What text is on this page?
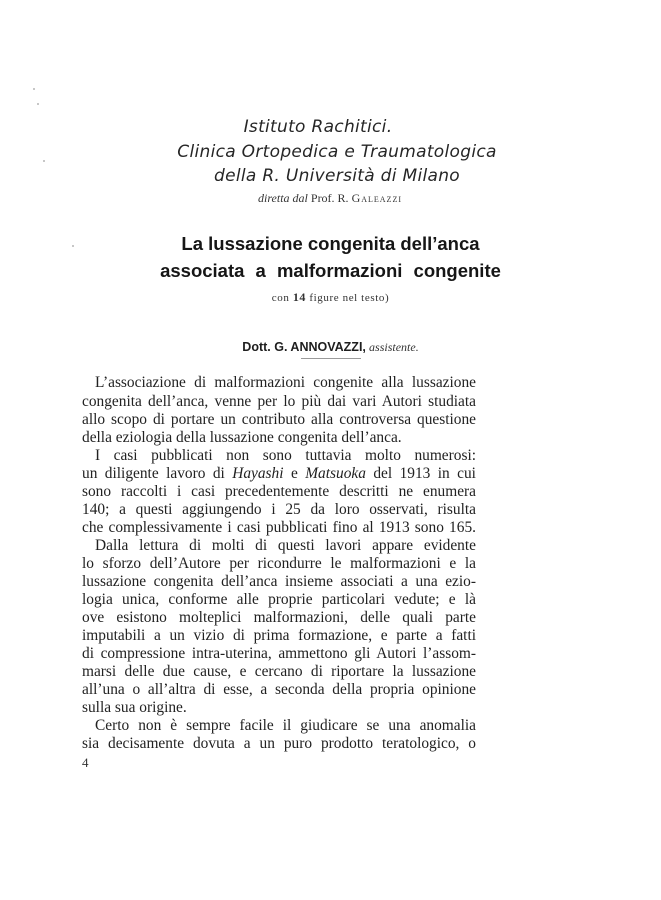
Istituto Rachitici.
Clinica Ortopedica e Traumatologica
della R. Università di Milano
diretta dal Prof. R. Galeazzi
La lussazione congenita dell’anca
associata a malformazioni congenite
con 14 figure nel testo)
Dott. G. ANNOVAZZI, assistente.
L’associazione di malformazioni congenite alla lussazione
congenita dell’anca, venne per lo più dai vari Autori studiata
allo scopo di portare un contributo alla controversa questione
della eziologia della lussazione congenita dell’anca.
I casi pubblicati non sono tuttavia molto numerosi:
un diligente lavoro di Hayashi e Matsuoka del 1913 in cui
sono raccolti i casi precedentemente descritti ne enumera
140; a questi aggiungendo i 25 da loro osservati, risulta
che complessivamente i casi pubblicati fino al 1913 sono 165.
Dalla lettura di molti di questi lavori appare evidente
lo sforzo dell’Autore per ricondurre le malformazioni e la
lussazione congenita dell’anca insieme associati a una ezio-
logia unica, conforme alle proprie particolari vedute; e là
ove esistono molteplici malformazioni, delle quali parte
imputabili a un vizio di prima formazione, e parte a fatti
di compressione intra-uterina, ammettono gli Autori l’assom-
marsi delle due cause, e cercano di riportare la lussazione
all’una o all’altra di esse, a seconda della propria opinione
sulla sua origine.
Certo non è sempre facile il giudicare se una anomalia
sia decisamente dovuta a un puro prodotto teratologico, o
4
